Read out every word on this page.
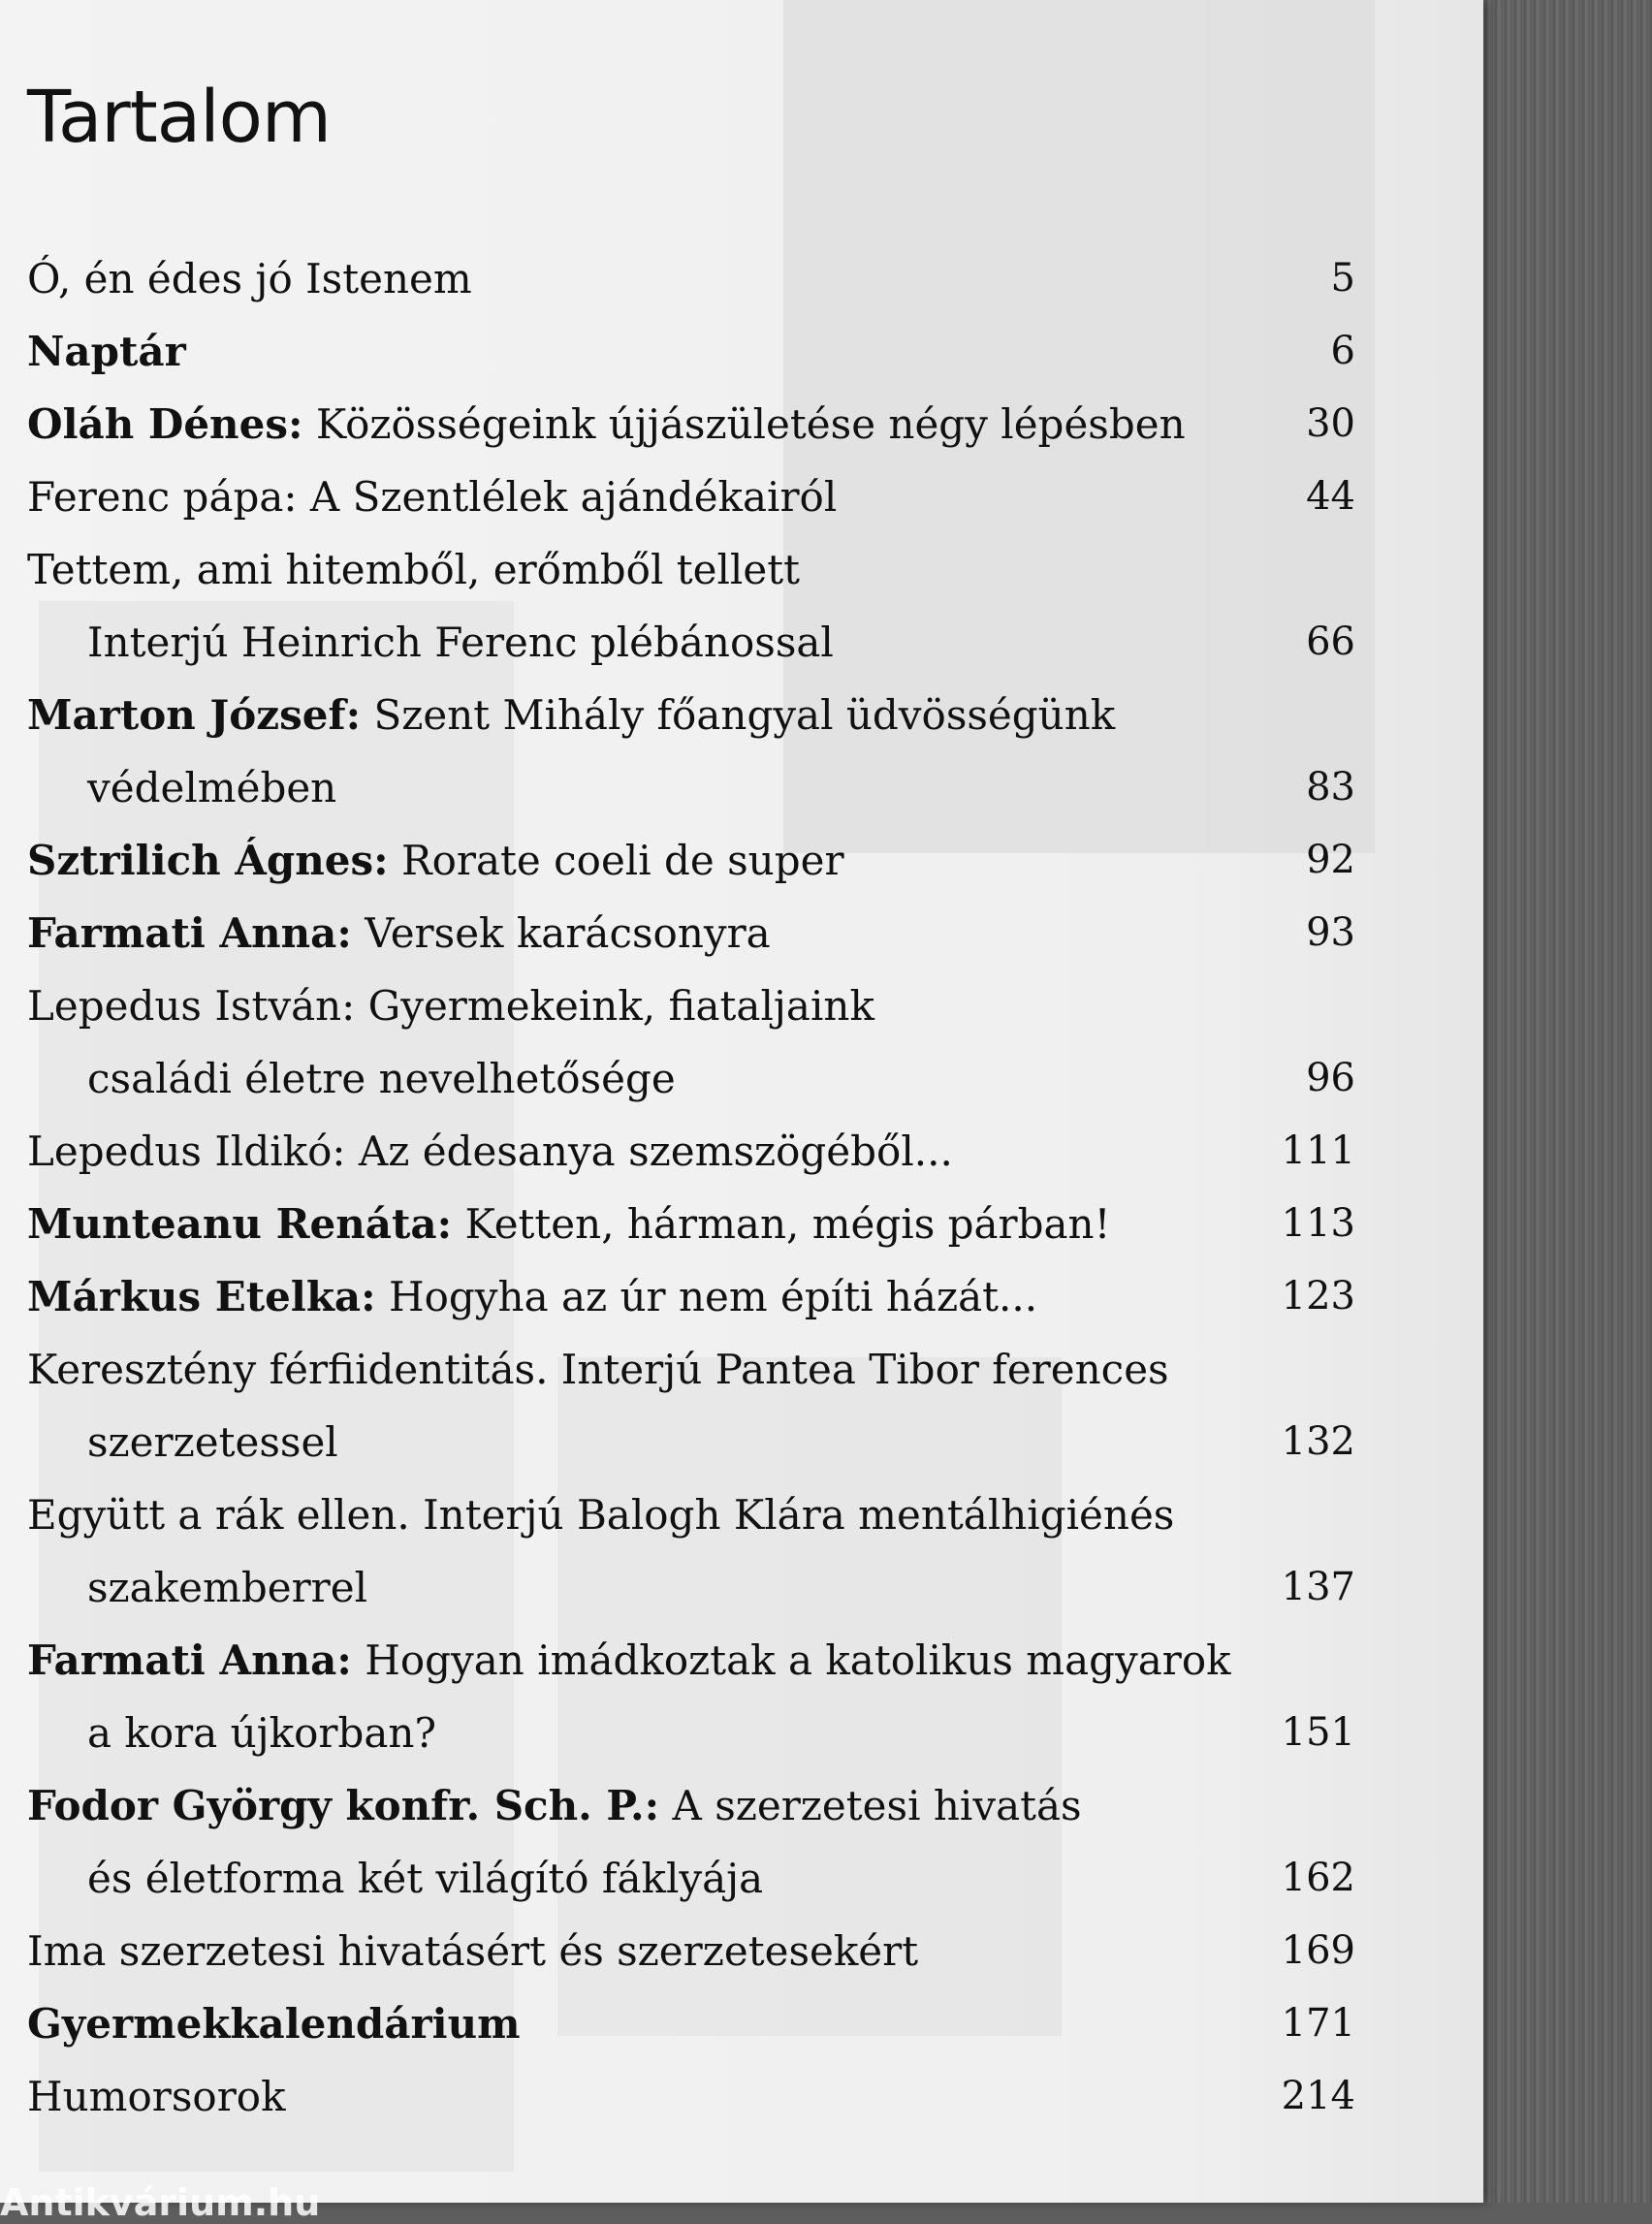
Tartalom
Ó, én édes jó Istenem	5
Naptár	6
Oláh Dénes: Közösségeink újjászületése négy lépésben	30
Ferenc pápa: A Szentlélek ajándékairól	44
Tettem, ami hitemből, erőmből tellett
Interjú Heinrich Ferenc plébánossal	66
Marton József: Szent Mihály főangyal üdvösségünk
védelmében	83
Sztrilich Ágnes: Rorate coeli de super	92
Farmati Anna: Versek karácsonyra	93
Lepedus István: Gyermekeink, fiataljaink
családi életre nevelhetősége	96
Lepedus Ildikó: Az édesanya szemszögéből...	111
Munteanu Renáta: Ketten, hárman, mégis párban!	113
Márkus Etelka: Hogyha az úr nem építi házát...	123
Keresztény férfiidentitás. Interjú Pantea Tibor ferences
szerzetessel	132
Együtt a rák ellen. Interjú Balogh Klára mentálhigiénés
szakemberrel	137
Farmati Anna: Hogyan imádkoztak a katolikus magyarok
a kora újkorban?	151
Fodor György konfr. Sch. P.: A szerzetesi hivatás
és életforma két világító fáklyája	162
Ima szerzetesi hivatásért és szerzetesekért	169
Gyermekkalendárium	171
Humorsorok	214
Antikvárium.hu
